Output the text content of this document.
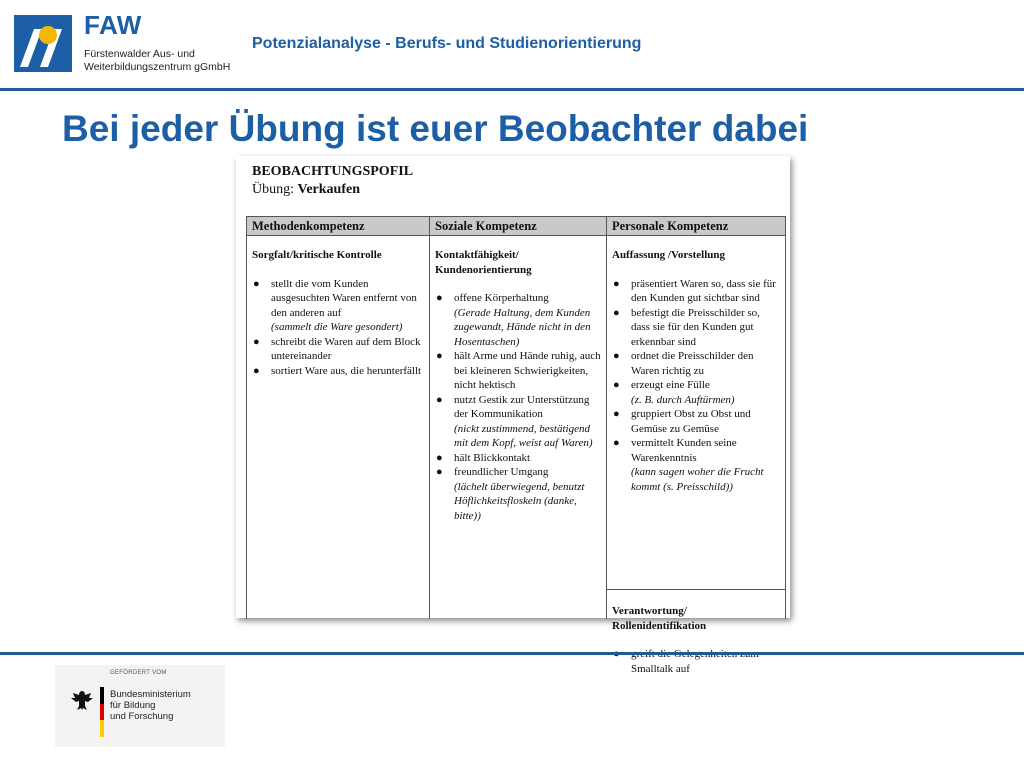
FAW

Fürstenwalder Aus- und
Weiterbildungszentrum gGmbH

Potenzialanalyse - Berufs- und Studienorientierung
Bei jeder Übung ist euer Beobachter dabei

BEOBACHTUNGSPOFIL

Übung: Verkaufen

Methodenkompetenz
Sorgfalt/kritische Kontrolle
● stellt die vom Kunden ausgesuchten Waren entfernt von den anderen auf
(sammelt die Ware gesondert)
● schreibt die Waren auf dem Block untereinander
● sortiert Ware aus, die herunterfällt
Soziale Kompetenz
Kontaktfähigkeit/ Kundenorientierung
● offene Körperhaltung
(Gerade Haltung, dem Kunden zugewandt, Hände nicht in den Hosentaschen)
● hält Arme und Hände ruhig, auch bei kleineren Schwierigkeiten, nicht hektisch
● nutzt Gestik zur Unterstützung der Kommunikation
(nickt zustimmend, bestätigend mit dem Kopf, weist auf Waren)
● hält Blickkontakt
● freundlicher Umgang
(lächelt überwiegend, benutzt Höflichkeitsfloskeln (danke, bitte))
Personale Kompetenz
Auffassung /Vorstellung
● präsentiert Waren so, dass sie für den Kunden gut sichtbar sind
● befestigt die Preisschilder so, dass sie für den Kunden gut erkennbar sind
● ordnet die Preisschilder den Waren richtig zu
● erzeugt eine Fülle
(z. B. durch Auftürmen)
● gruppiert Obst zu Obst und Gemüse zu Gemüse
● vermittelt Kunden seine Warenkenntnis
(kann sagen woher die Frucht kommt (s. Preisschild))
Verantwortung/ Rollenidentifikation
Smalltalk auf

GEFÖRDERT VOM

Bundesministerium
für Bildung
und Forschung
